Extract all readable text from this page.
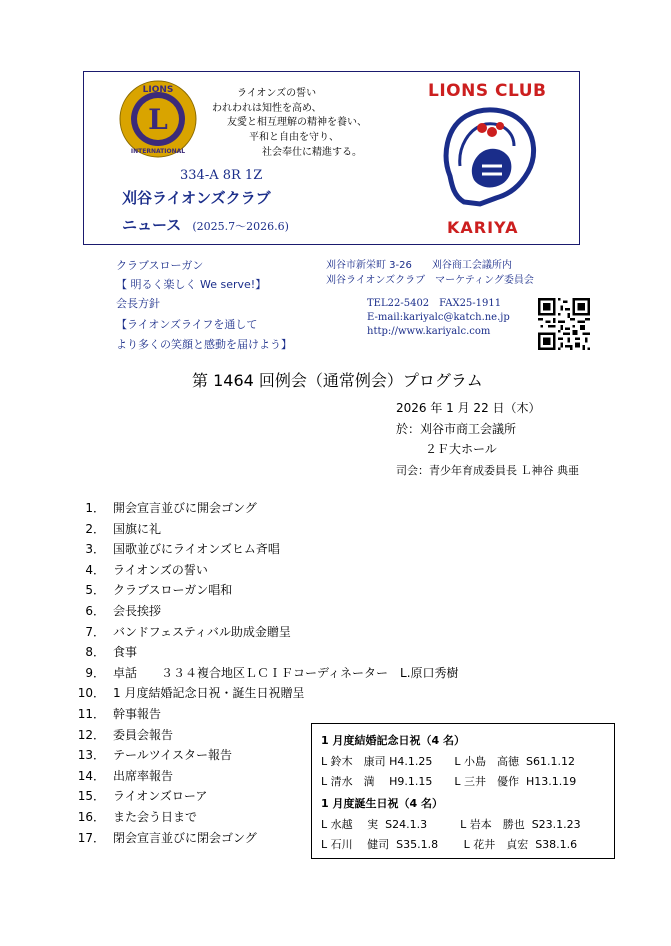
L
LIONS
INTERNATIONAL
ライオンズの誓い
われわれは知性を高め、
友愛と相互理解の精神を養い、
平和と自由を守り、
社会奉仕に精進する。
334-A 8R 1Z
刈谷ライオンズクラブ
ニュース (2025.7～2026.6)
LIONS CLUB
KARIYA
クラブスローガン
【 明るく楽しく We serve!】
会長方針
【ライオンズライフを通して
より多くの笑顔と感動を届けよう】
刈谷市新栄町 3-26　　刈谷商工会議所内
刈谷ライオンズクラブ　マーケティング委員会
TEL22-5402　FAX25-1911
E-mail:kariyalc@katch.ne.jp
http://www.kariyalc.com
第 1464 回例会（通常例会）プログラム
2026 年 1 月 22 日（木）
於：刈谷市商工会議所
２Ｆ大ホール
司会：青少年育成委員長 Ｌ神谷 典亜
1． 開会宣言並びに開会ゴング
2． 国旗に礼
3． 国歌並びにライオンズヒム斉唱
4． ライオンズの誓い
5． クラブスローガン唱和
6． 会長挨拶
7． バンドフェスティバル助成金贈呈
8． 食事
9． 卓話　　３３４複合地区ＬＣＩＦコーディネーター　L.原口秀樹
10． 1 月度結婚記念日祝・誕生日祝贈呈
11． 幹事報告
12． 委員会報告
13． テールツイスター報告
14． 出席率報告
15． ライオンズローア
16． また会う日まで
17． 閉会宣言並びに閉会ゴング
1 月度結婚記念日祝（4 名）
L 鈴木　康司 H4.1.25　　L 小島　高徳  S61.1.12
L 清水　満　 H9.1.15　　L 三井　優作  H13.1.19
1 月度誕生日祝（4 名）
L 水越　 実  S24.1.3　　　L 岩本　勝也  S23.1.23
L 石川　 健司  S35.1.8　　 L 花井　貞宏  S38.1.6
